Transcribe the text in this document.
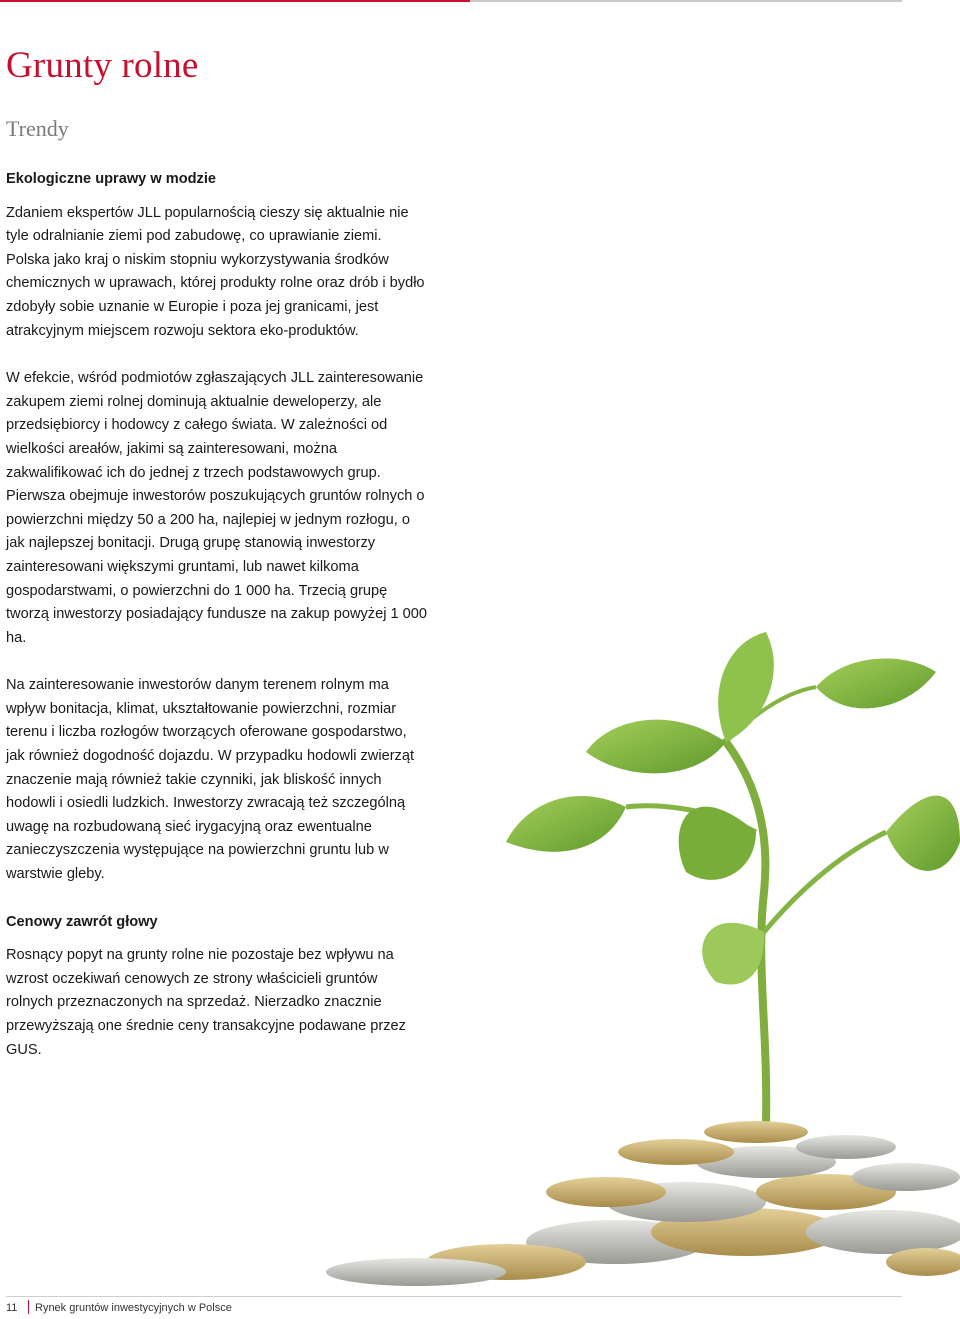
Grunty rolne
Trendy
Ekologiczne uprawy w modzie

Zdaniem ekspertów JLL popularnością cieszy się aktualnie nie tyle odralnianie ziemi pod zabudowę, co uprawianie ziemi. Polska jako kraj o niskim stopniu wykorzystywania środków chemicznych w uprawach, której produkty rolne oraz drób i bydło zdobyły sobie uznanie w Europie i poza jej granicami, jest atrakcyjnym miejscem rozwoju sektora eko-produktów.

W efekcie, wśród podmiotów zgłaszających JLL zainteresowanie zakupem ziemi rolnej dominują aktualnie deweloperzy, ale przedsiębiorcy i hodowcy z całego świata. W zależności od wielkości areałów, jakimi są zainteresowani, można zakwalifikować ich do jednej z trzech podstawowych grup. Pierwsza obejmuje inwestorów poszukujących gruntów rolnych o powierzchni między 50 a 200 ha, najlepiej w jednym rozłogu, o jak najlepszej bonitacji. Drugą grupę stanowią inwestorzy zainteresowani większymi gruntami, lub nawet kilkoma gospodarstwami, o powierzchni do 1 000 ha. Trzecią grupę tworzą inwestorzy posiadający fundusze na zakup powyżej 1 000 ha.

Na zainteresowanie inwestorów danym terenem rolnym ma wpływ bonitacja, klimat, ukształtowanie powierzchni, rozmiar terenu i liczba rozłogów tworzących oferowane gospodarstwo, jak również dogodność dojazdu. W przypadku hodowli zwierząt znaczenie mają również takie czynniki, jak bliskość innych hodowli i osiedli ludzkich. Inwestorzy zwracają też szczególną uwagę na rozbudowaną sieć irygacyjną oraz ewentualne zanieczyszczenia występujące na powierzchni gruntu lub w warstwie gleby.

Cenowy zawrót głowy

Rosnący popyt na grunty rolne nie pozostaje bez wpływu na wzrost oczekiwań cenowych ze strony właścicieli gruntów rolnych przeznaczonych na sprzedaż. Nierzadko znacznie przewyższają one średnie ceny transakcyjne podawane przez GUS.

11 Rynek gruntów inwestycyjnych w Polsce
